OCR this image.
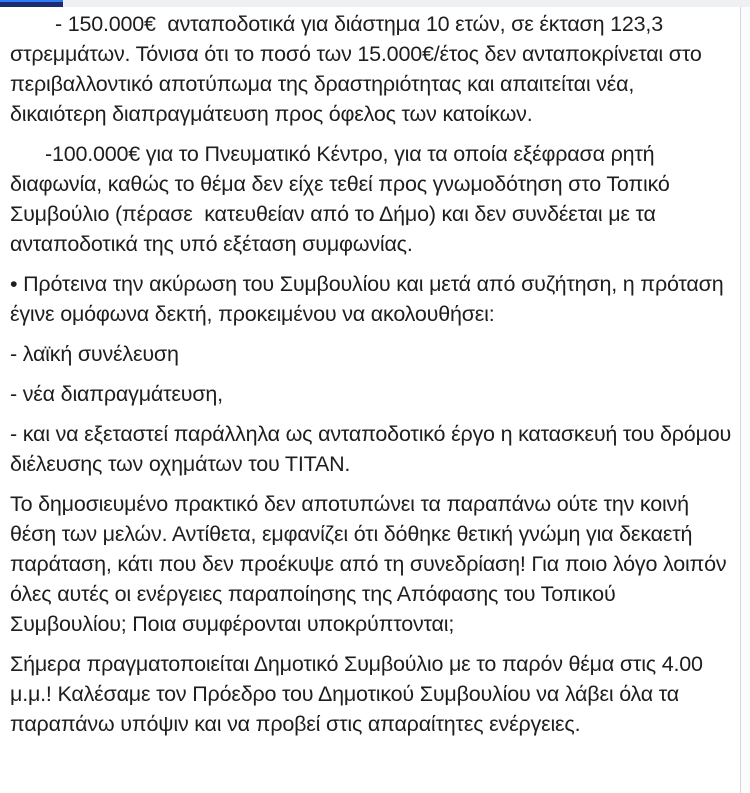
- 150.000€  ανταποδοτικά για διάστημα 10 ετών, σε έκταση 123,3 στρεμμάτων. Τόνισα ότι το ποσό των 15.000€/έτος δεν ανταποκρίνεται στο περιβαλλοντικό αποτύπωμα της δραστηριότητας και απαιτείται νέα, δικαιότερη διαπραγμάτευση προς όφελος των κατοίκων.

-100.000€ για το Πνευματικό Κέντρο, για τα οποία εξέφρασα ρητή διαφωνία, καθώς το θέμα δεν είχε τεθεί προς γνωμοδότηση στο Τοπικό Συμβούλιο (πέρασε  κατευθείαν από το Δήμο) και δεν συνδέεται με τα ανταποδοτικά της υπό εξέταση συμφωνίας.

• Πρότεινα την ακύρωση του Συμβουλίου και μετά από συζήτηση, η πρόταση έγινε ομόφωνα δεκτή, προκειμένου να ακολουθήσει:

- λαϊκή συνέλευση

- νέα διαπραγμάτευση,

- και να εξεταστεί παράλληλα ως ανταποδοτικό έργο η κατασκευή του δρόμου διέλευσης των οχημάτων του ΤΙΤΑΝ.

Το δημοσιευμένο πρακτικό δεν αποτυπώνει τα παραπάνω ούτε την κοινή θέση των μελών. Αντίθετα, εμφανίζει ότι δόθηκε θετική γνώμη για δεκαετή παράταση, κάτι που δεν προέκυψε από τη συνεδρίαση! Για ποιο λόγο λοιπόν όλες αυτές οι ενέργειες παραποίησης της Απόφασης του Τοπικού Συμβουλίου; Ποια συμφέρονται υποκρύπτονται;

Σήμερα πραγματοποιείται Δημοτικό Συμβούλιο με το παρόν θέμα στις 4.00 μ.μ.! Καλέσαμε τον Πρόεδρο του Δημοτικού Συμβουλίου να λάβει όλα τα παραπάνω υπόψιν και να προβεί στις απαραίτητες ενέργειες.
